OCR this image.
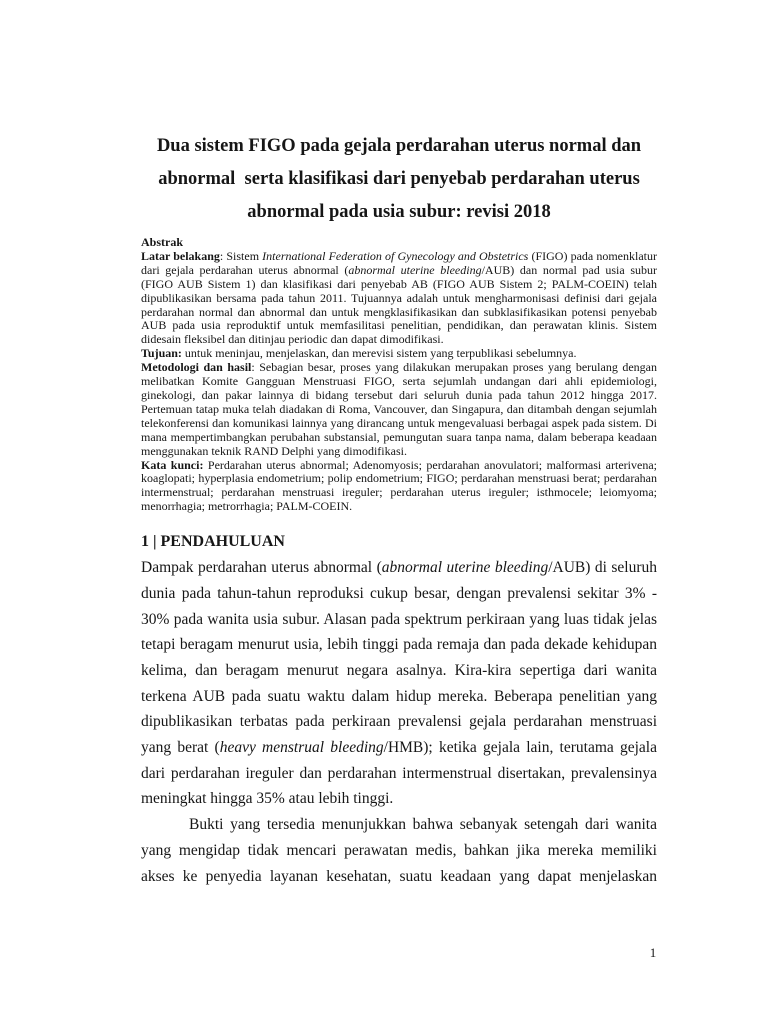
Dua sistem FIGO pada gejala perdarahan uterus normal dan
abnormal  serta klasifikasi dari penyebab perdarahan uterus
abnormal pada usia subur: revisi 2018
Abstrak

Latar belakang: Sistem International Federation of Gynecology and Obstetrics (FIGO) pada nomenklatur dari gejala perdarahan uterus abnormal (abnormal uterine bleeding/AUB) dan normal pad usia subur (FIGO AUB Sistem 1) dan klasifikasi dari penyebab AB (FIGO AUB Sistem 2; PALM-COEIN) telah dipublikasikan bersama pada tahun 2011. Tujuannya adalah untuk mengharmonisasi definisi dari gejala perdarahan normal dan abnormal dan untuk mengklasifikasikan dan subklasifikasikan potensi penyebab AUB pada usia reproduktif untuk memfasilitasi penelitian, pendidikan, dan perawatan klinis. Sistem didesain fleksibel dan ditinjau periodic dan dapat dimodifikasi.

Tujuan: untuk meninjau, menjelaskan, dan merevisi sistem yang terpublikasi sebelumnya.

Metodologi dan hasil: Sebagian besar, proses yang dilakukan merupakan proses yang berulang dengan melibatkan Komite Gangguan Menstruasi FIGO, serta sejumlah undangan dari ahli epidemiologi, ginekologi, dan pakar lainnya di bidang tersebut dari seluruh dunia pada tahun 2012 hingga 2017. Pertemuan tatap muka telah diadakan di Roma, Vancouver, dan Singapura, dan ditambah dengan sejumlah telekonferensi dan komunikasi lainnya yang dirancang untuk mengevaluasi berbagai aspek pada sistem. Di mana mempertimbangkan perubahan substansial, pemungutan suara tanpa nama, dalam beberapa keadaan menggunakan teknik RAND Delphi yang dimodifikasi.

Kata kunci: Perdarahan uterus abnormal; Adenomyosis; perdarahan anovulatori; malformasi arterivena; koaglopati; hyperplasia endometrium; polip endometrium; FIGO; perdarahan menstruasi berat; perdarahan intermenstrual; perdarahan menstruasi ireguler; perdarahan uterus ireguler; isthmocele; leiomyoma; menorrhagia; metrorrhagia; PALM-COEIN.

1 | PENDAHULUAN

Dampak perdarahan uterus abnormal (abnormal uterine bleeding/AUB) di seluruh dunia pada tahun-tahun reproduksi cukup besar, dengan prevalensi sekitar 3% - 30% pada wanita usia subur. Alasan pada spektrum perkiraan yang luas tidak jelas tetapi beragam menurut usia, lebih tinggi pada remaja dan pada dekade kehidupan kelima, dan beragam menurut negara asalnya. Kira-kira sepertiga dari wanita terkena AUB pada suatu waktu dalam hidup mereka. Beberapa penelitian yang dipublikasikan terbatas pada perkiraan prevalensi gejala perdarahan menstruasi yang berat (heavy menstrual bleeding/HMB); ketika gejala lain, terutama gejala dari perdarahan ireguler dan perdarahan intermenstrual disertakan, prevalensinya meningkat hingga 35% atau lebih tinggi.

Bukti yang tersedia menunjukkan bahwa sebanyak setengah dari wanita yang mengidap tidak mencari perawatan medis, bahkan jika mereka memiliki akses ke penyedia layanan kesehatan, suatu keadaan yang dapat menjelaskan

1
